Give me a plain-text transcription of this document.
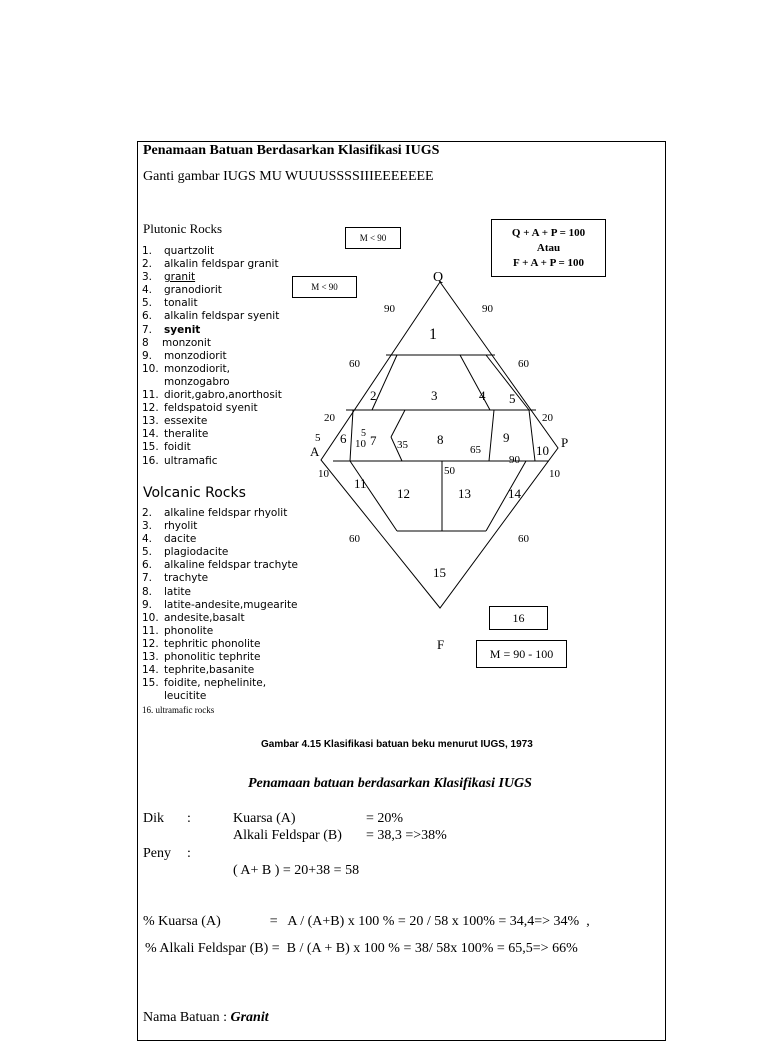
Penamaan Batuan Berdasarkan Klasifikasi IUGS
Ganti gambar IUGS MU WUUUSSSSIIIEEEEEEE
Plutonic Rocks
1. quartzolit
2. alkalin feldspar granit
3. granit
4. granodiorit
5. tonalit
6. alkalin feldspar syenit
7. syenit
8 monzonit
9. monzodiorit
10. monzodiorit,
monzogabro
11. diorit,gabro,anorthosit
12. feldspatoid syenit
13. essexite
14. theralite
15. foidit
16. ultramafic
Volcanic Rocks
2. alkaline feldspar rhyolit
3. rhyolit
4. dacite
5. plagiodacite
6. alkaline feldspar trachyte
7. trachyte
8. latite
9. latite-andesite,mugearite
10. andesite,basalt
11. phonolite
12. tephritic phonolite
13. phonolitic tephrite
14. tephrite,basanite
15. foidite, nephelinite,
leucitite
16. ultramafic rocks
Q
A
P
F
90	90
60	60
20	20
5
10	10
60	60
5
35	65
90
50
1
2	3	4 5
6 7	8	9
10
10
11
12	13	14
15
M < 90
M < 90
Q + A + P = 100
Atau
F + A + P = 100
16
M = 90 - 100
Gambar 4.15 Klasifikasi batuan beku menurut IUGS, 1973
Penamaan batuan berdasarkan Klasifikasi IUGS
Dik :	Kuarsa (A)	= 20%
Alkali Feldspar (B) = 38,3 =>38%
Peny :
( A+ B ) = 20+38 = 58
% Kuarsa (A)              =   A / (A+B) x 100 % = 20 / 58 x 100% = 34,4=> 34%  ,
% Alkali Feldspar (B) =  B / (A + B) x 100 % = 38/ 58x 100% = 65,5=> 66%
Nama Batuan : Granit
